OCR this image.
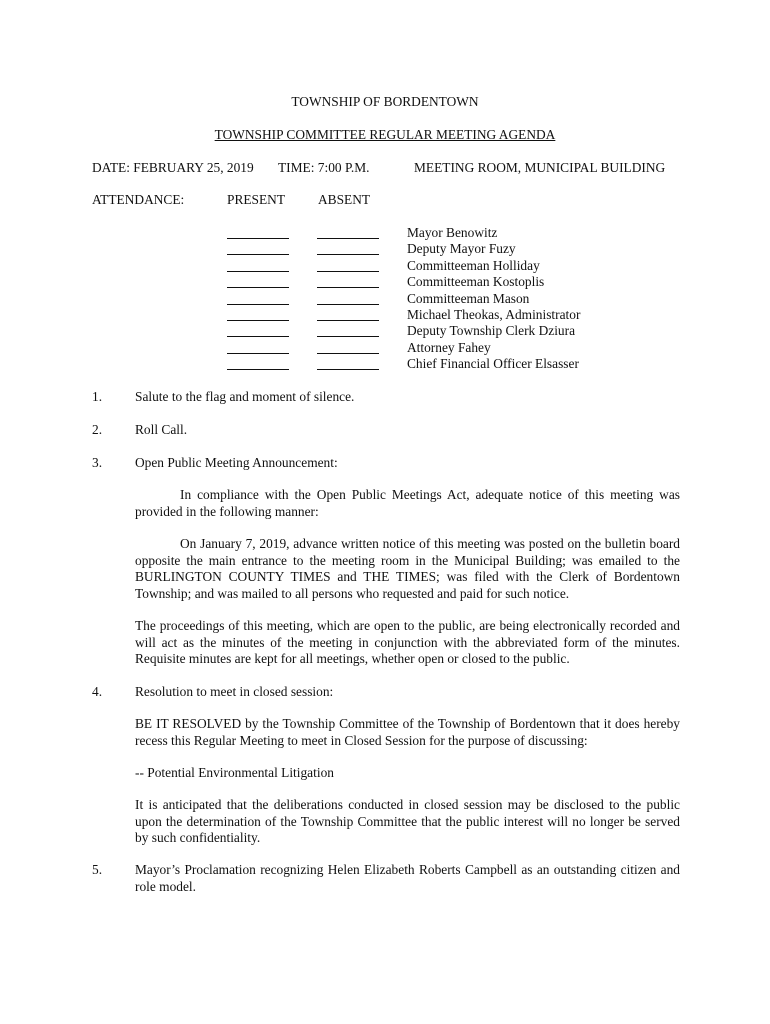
TOWNSHIP OF BORDENTOWN
TOWNSHIP COMMITTEE REGULAR MEETING AGENDA
DATE: FEBRUARY 25, 2019 TIME: 7:00 P.M.	MEETING ROOM, MUNICIPAL BUILDING
ATTENDANCE:	PRESENT ABSENT
Mayor Benowitz
Deputy Mayor Fuzy
Committeeman Holliday
Committeeman Kostoplis
Committeeman Mason
Michael Theokas, Administrator
Deputy Township Clerk Dziura
Attorney Fahey
Chief Financial Officer Elsasser
1. Salute to the flag and moment of silence.
2. Roll Call.
3. Open Public Meeting Announcement:
In compliance with the Open Public Meetings Act, adequate notice of this meeting was provided in the following manner:
On January 7, 2019, advance written notice of this meeting was posted on the bulletin board opposite the main entrance to the meeting room in the Municipal Building; was emailed to the BURLINGTON COUNTY TIMES and THE TIMES; was filed with the Clerk of Bordentown Township; and was mailed to all persons who requested and paid for such notice.
The proceedings of this meeting, which are open to the public, are being electronically recorded and will act as the minutes of the meeting in conjunction with the abbreviated form of the minutes. Requisite minutes are kept for all meetings, whether open or closed to the public.
4. Resolution to meet in closed session:
BE IT RESOLVED by the Township Committee of the Township of Bordentown that it does hereby recess this Regular Meeting to meet in Closed Session for the purpose of discussing:
-- Potential Environmental Litigation
It is anticipated that the deliberations conducted in closed session may be disclosed to the public upon the determination of the Township Committee that the public interest will no longer be served by such confidentiality.
5. Mayor’s Proclamation recognizing Helen Elizabeth Roberts Campbell as an outstanding citizen and role model.
